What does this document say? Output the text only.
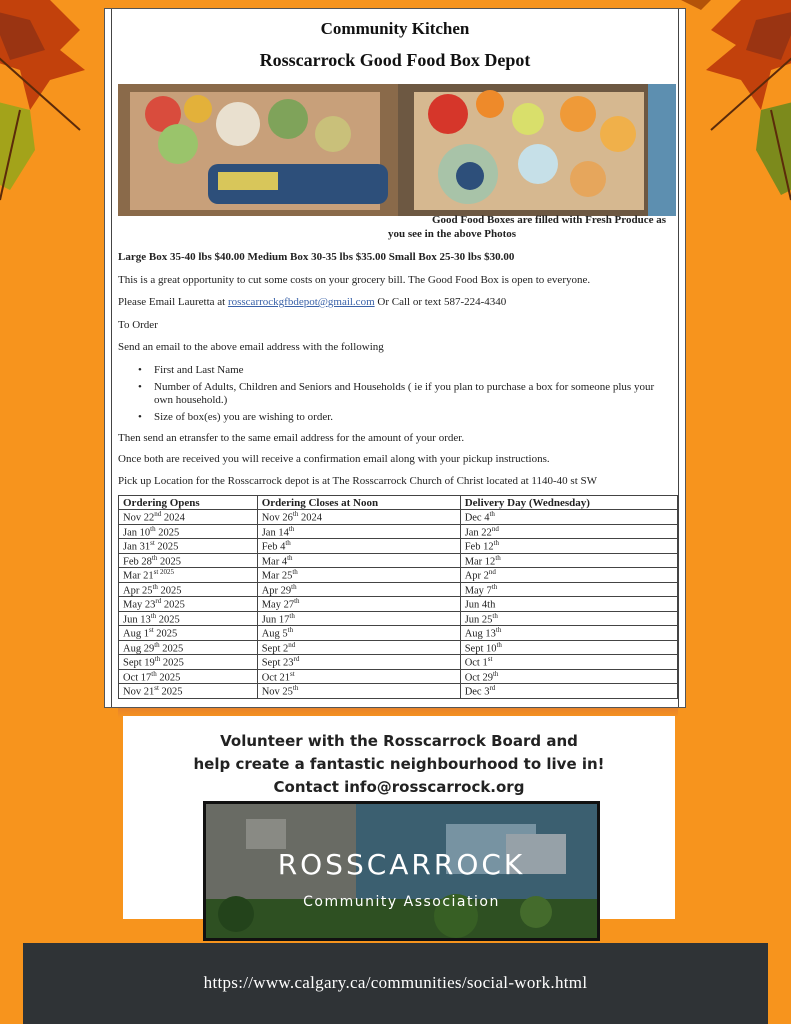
Community Kitchen
Rosscarrock Good Food Box Depot
Good Food Boxes are filled with Fresh Produce as
you see in the above Photos
Large Box 35-40 lbs $40.00 Medium Box 30-35 lbs $35.00 Small Box 25-30 lbs $30.00
This is a great opportunity to cut some costs on your grocery bill. The Good Food Box is open to everyone.
Please Email Lauretta at rosscarrockgfbdepot@gmail.com Or Call or text 587-224-4340
To Order
Send an email to the above email address with the following
• First and Last Name
• Number of Adults, Children and Seniors and Households ( ie if you plan to purchase a box for someone plus your own household.)
• Size of box(es) you are wishing to order.
Then send an etransfer to the same email address for the amount of your order.
Once both are received you will receive a confirmation email along with your pickup instructions.
Pick up Location for the Rosscarrock depot is at The Rosscarrock Church of Christ located at 1140-40 st SW
Ordering Opens	Ordering Closes at Noon	Delivery Day (Wednesday)
Nov 22nd 2024	Nov 26th 2024	Dec 4th
Jan 10th 2025	Jan 14th	Jan 22nd
Jan 31st 2025	Feb 4th	Feb 12th
Feb 28th 2025	Mar 4th	Mar 12th
Mar $21^{st 2025}$	Mar 25th	Apr 2nd
Apr 25th 2025	Apr 29th	May 7th
May 23rd 2025	May 27th	Jun 4th
Jun 13th 2025	Jun 17th	Jun 25th
Aug 1st 2025	Aug 5th	Aug 13th
Aug 29th 2025	Sept 2nd	Sept 10th
Sept 19th 2025	Sept 23rd	Oct 1st
Oct 17th 2025	Oct 21st	Oct 29th
Nov 21st 2025	Nov 25th	Dec 3rd
Volunteer with the Rosscarrock Board and
help create a fantastic neighbourhood to live in!
Contact info@rosscarrock.org
ROSSCARROCK
Community Association
https://www.calgary.ca/communities/social-work.html
